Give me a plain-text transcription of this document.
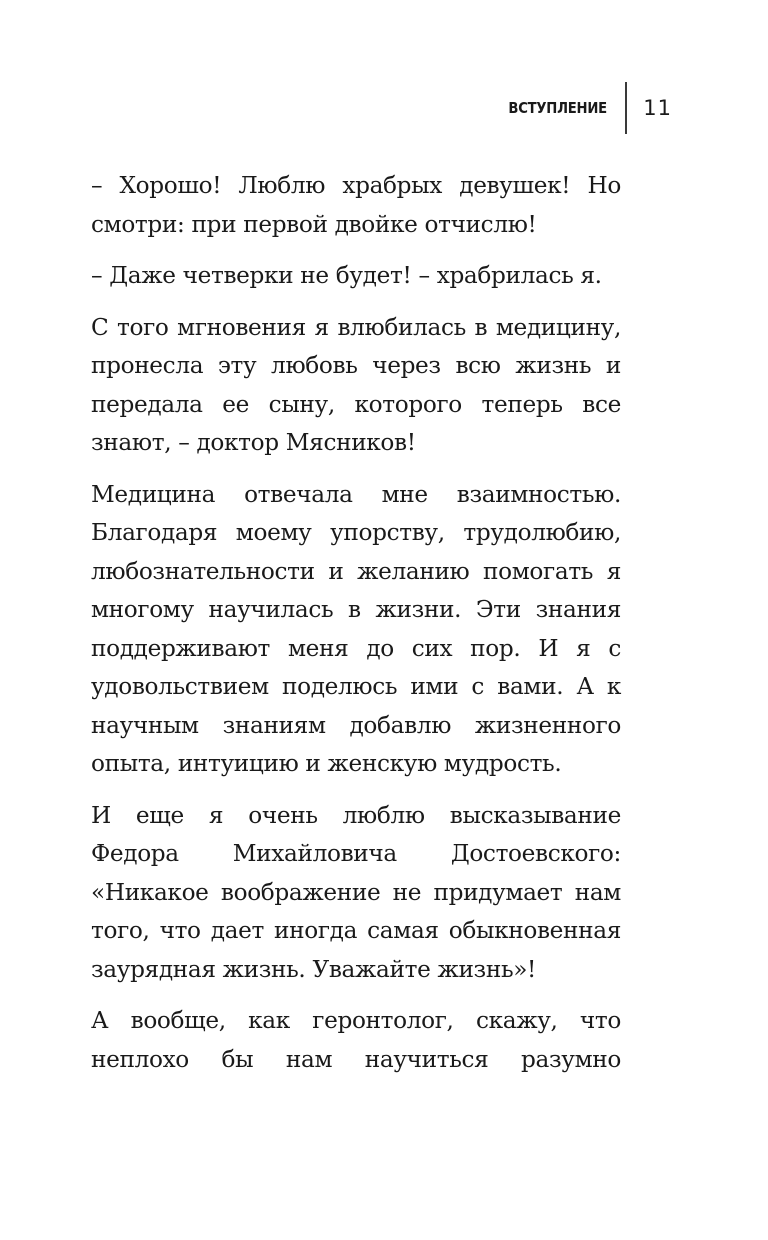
ВСТУПЛЕНИЕ 11

– Хорошо! Люблю храбрых девушек! Но смотри: при первой двойке отчислю!

– Даже четверки не будет! – храбрилась я.

С того мгновения я влюбилась в медицину, пронесла эту любовь через всю жизнь и передала ее сыну, которого теперь все знают, – доктор Мясников!

Медицина отвечала мне взаимностью. Благодаря моему упорству, трудолюбию, любознательности и желанию помогать я многому научилась в жизни. Эти знания поддерживают меня до сих пор. И я с удовольствием поделюсь ими с вами. А к научным знаниям добавлю жизненного опыта, интуицию и женскую мудрость.

И еще я очень люблю высказывание Федора Михайловича Достоевского: «Никакое воображение не придумает нам того, что дает иногда самая обыкновенная заурядная жизнь. Уважайте жизнь»!

А вообще, как геронтолог, скажу, что неплохо бы нам научиться разумно
